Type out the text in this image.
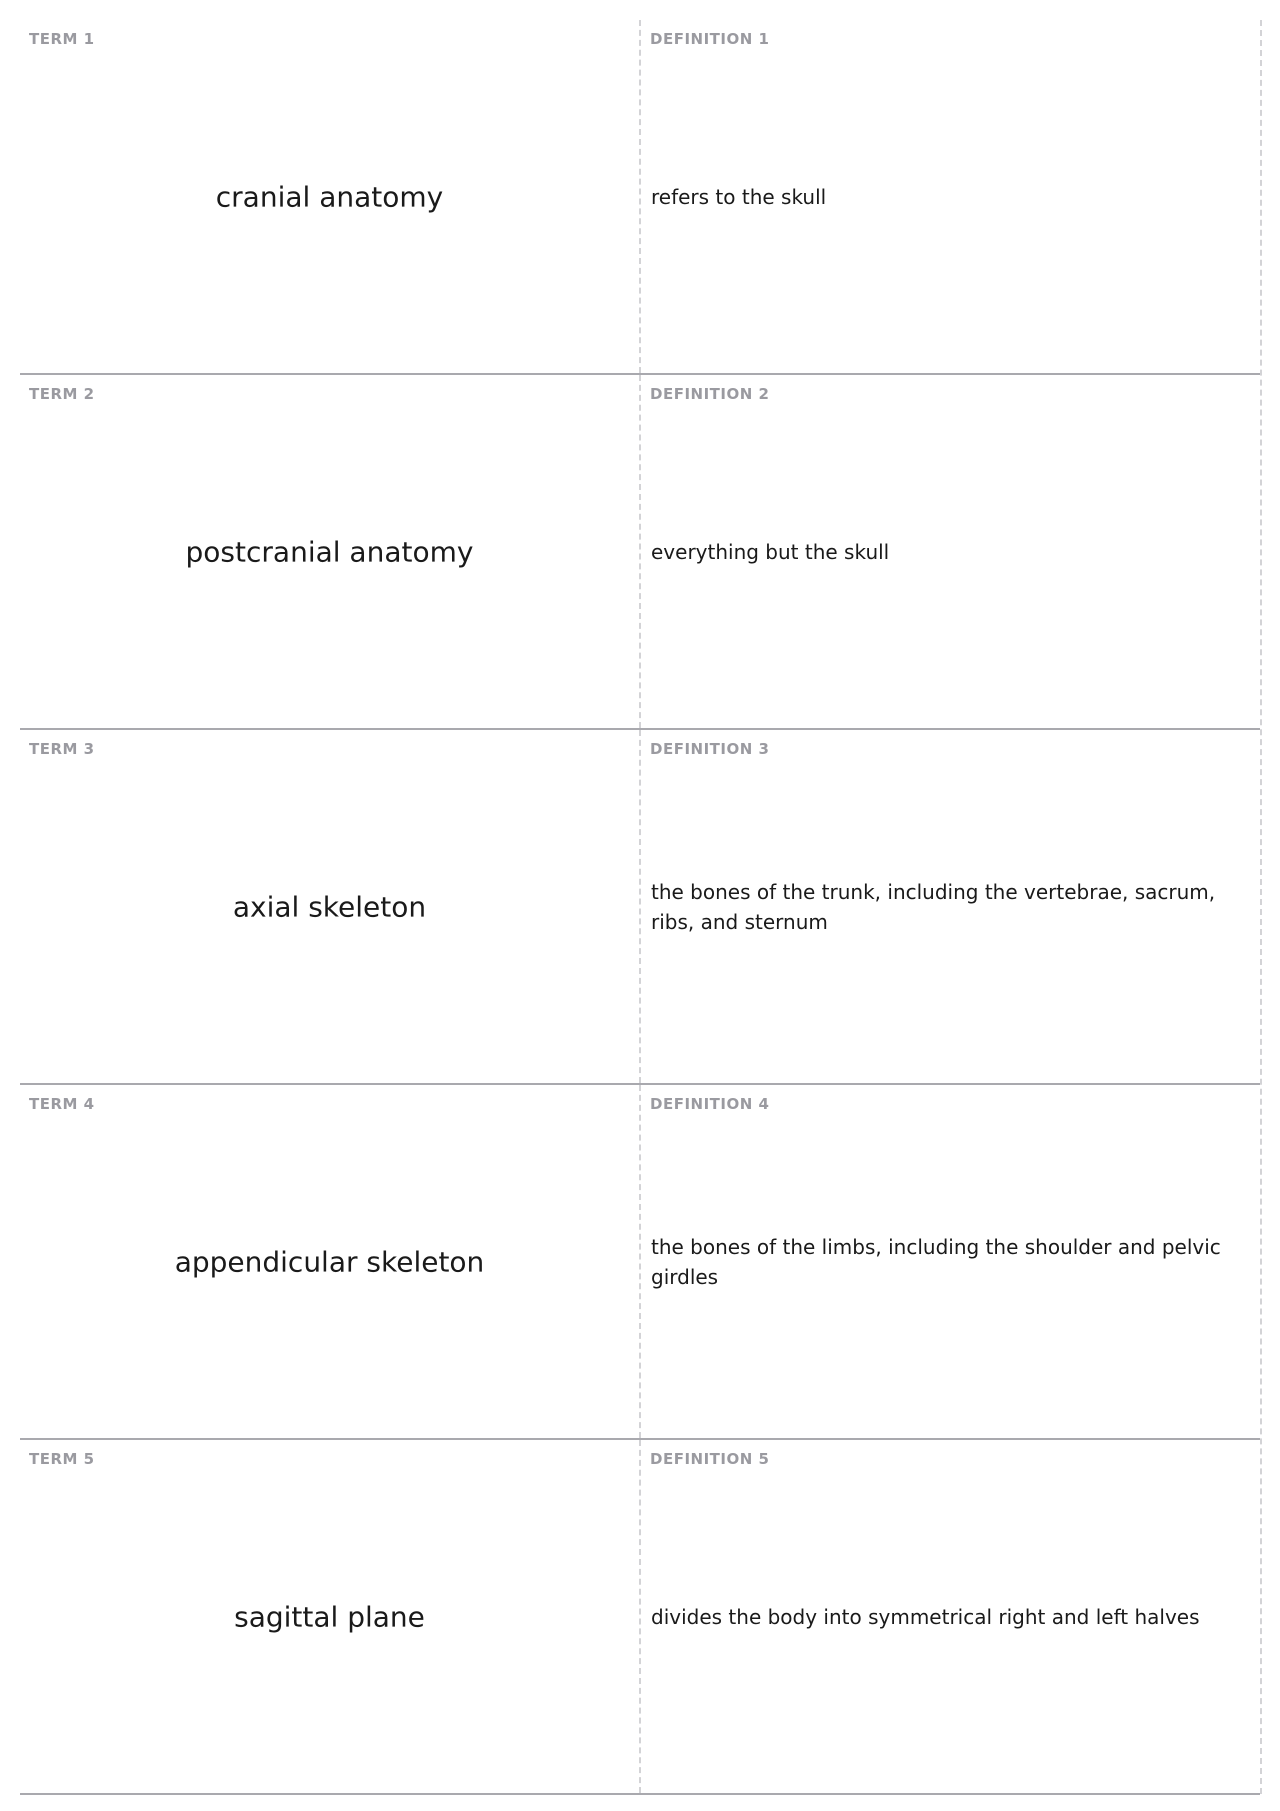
TERM 1
cranial anatomy
DEFINITION 1
refers to the skull
TERM 2
postcranial anatomy
DEFINITION 2
everything but the skull
TERM 3
axial skeleton
DEFINITION 3
the bones of the trunk, including the vertebrae, sacrum, ribs, and sternum
TERM 4
appendicular skeleton
DEFINITION 4
the bones of the limbs, including the shoulder and pelvic girdles
TERM 5
sagittal plane
DEFINITION 5
divides the body into symmetrical right and left halves
